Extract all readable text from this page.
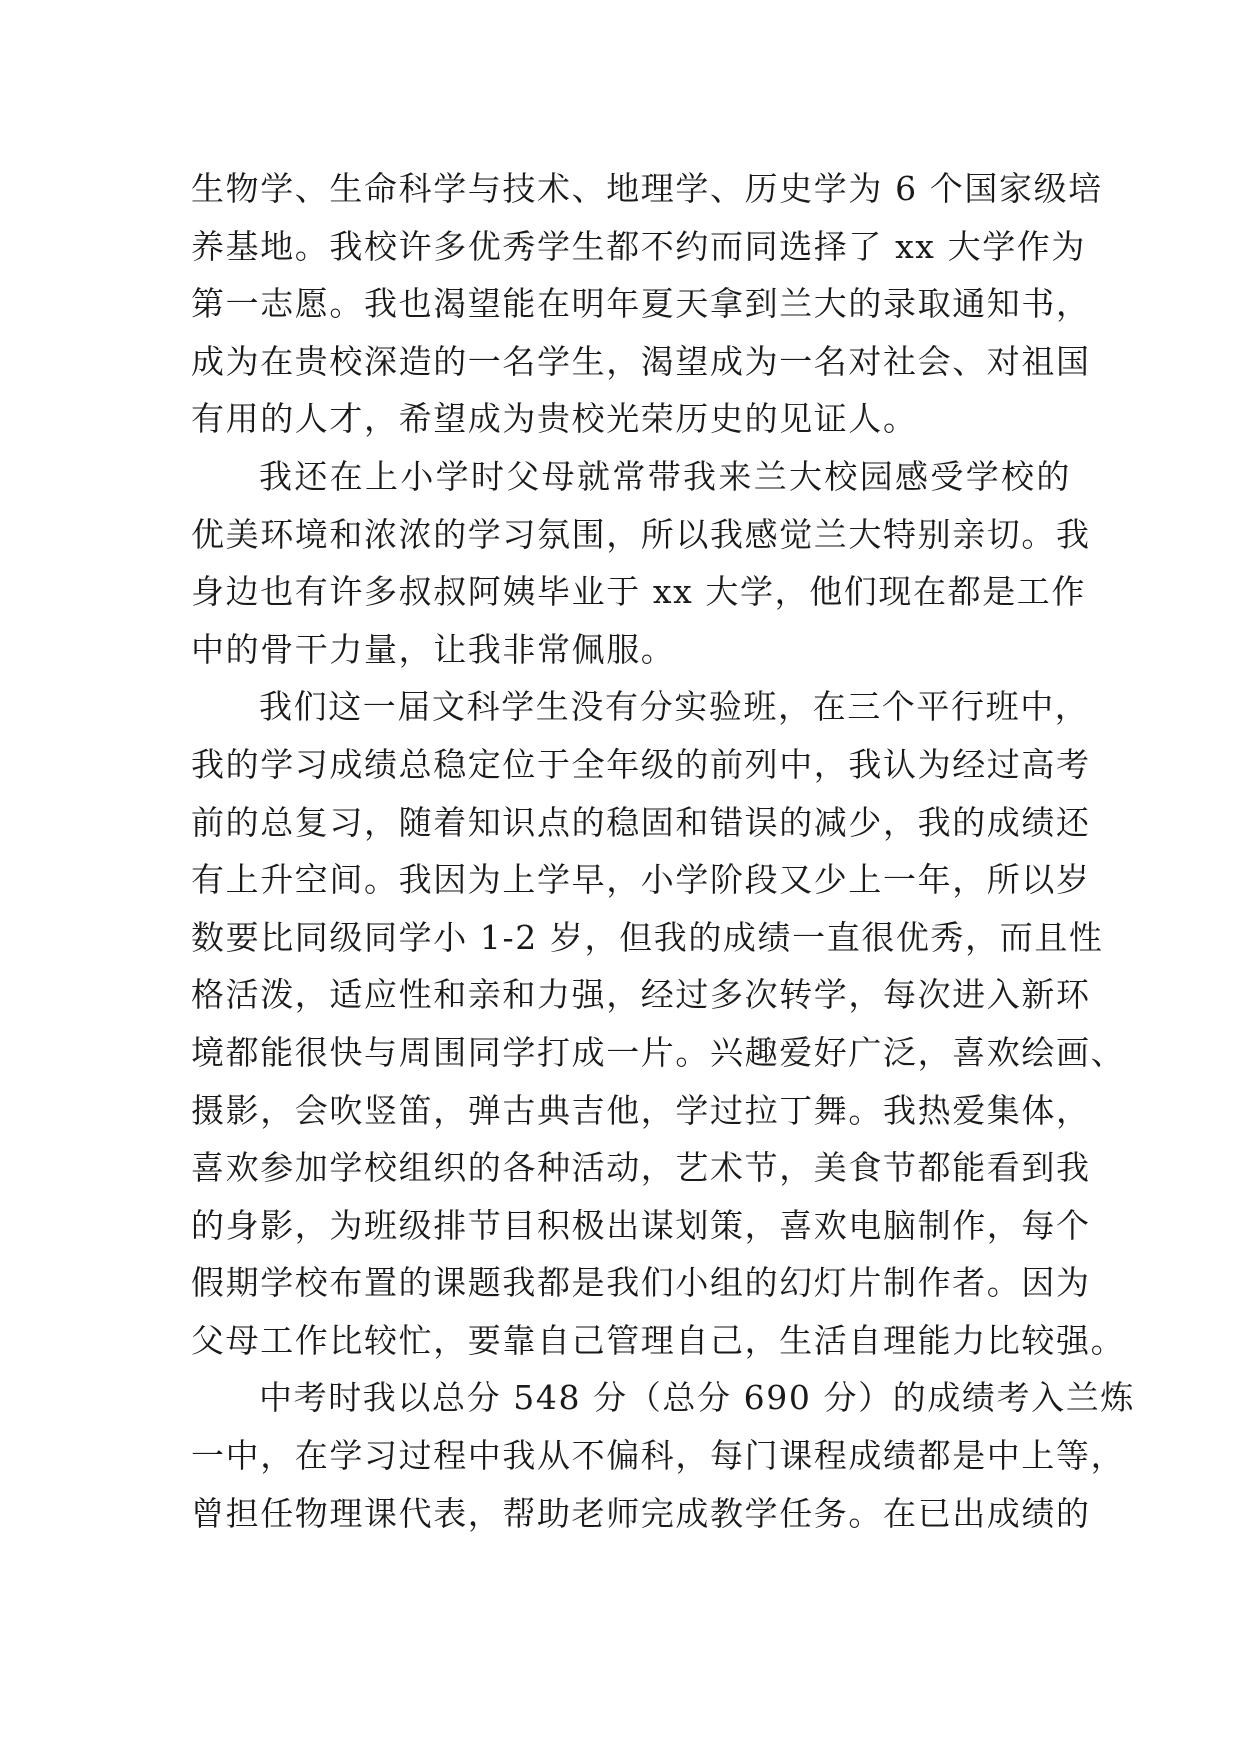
生物学、生命科学与技术、地理学、历史学为 6 个国家级培
养基地。我校许多优秀学生都不约而同选择了 xx 大学作为
第一志愿。我也渴望能在明年夏天拿到兰大的录取通知书，
成为在贵校深造的一名学生，渴望成为一名对社会、对祖国
有用的人才，希望成为贵校光荣历史的见证人。
我还在上小学时父母就常带我来兰大校园感受学校的
优美环境和浓浓的学习氛围，所以我感觉兰大特别亲切。我
身边也有许多叔叔阿姨毕业于 xx 大学，他们现在都是工作
中的骨干力量，让我非常佩服。
我们这一届文科学生没有分实验班，在三个平行班中，
我的学习成绩总稳定位于全年级的前列中，我认为经过高考
前的总复习，随着知识点的稳固和错误的减少，我的成绩还
有上升空间。我因为上学早，小学阶段又少上一年，所以岁
数要比同级同学小 1-2 岁，但我的成绩一直很优秀，而且性
格活泼，适应性和亲和力强，经过多次转学，每次进入新环
境都能很快与周围同学打成一片。兴趣爱好广泛，喜欢绘画、
摄影，会吹竖笛，弹古典吉他，学过拉丁舞。我热爱集体，
喜欢参加学校组织的各种活动，艺术节，美食节都能看到我
的身影，为班级排节目积极出谋划策，喜欢电脑制作，每个
假期学校布置的课题我都是我们小组的幻灯片制作者。因为
父母工作比较忙，要靠自己管理自己，生活自理能力比较强。
中考时我以总分 548 分（总分 690 分）的成绩考入兰炼
一中，在学习过程中我从不偏科，每门课程成绩都是中上等，
曾担任物理课代表，帮助老师完成教学任务。在已出成绩的
